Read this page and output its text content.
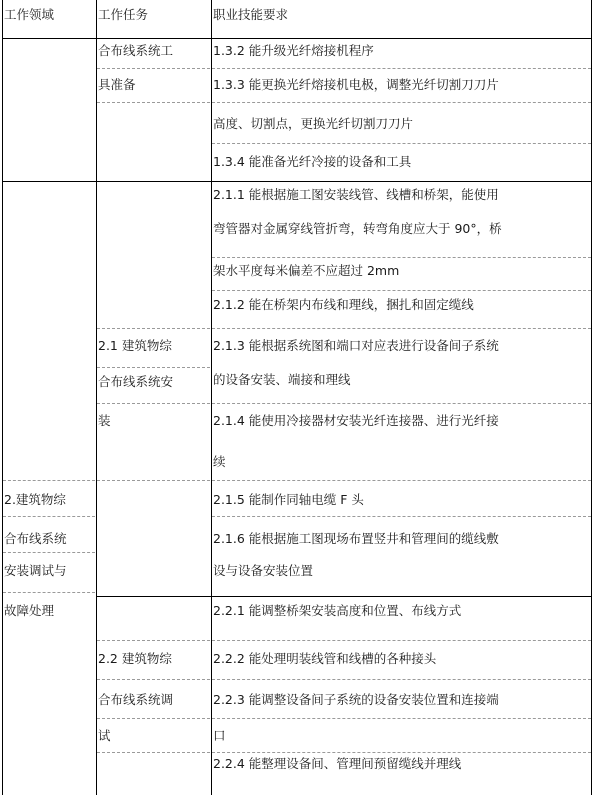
工作领域	工作任务	职业技能要求
2.建筑物综
合布线系统
安装调试与
故障处理
合布线系统工
具准备
2.1 建筑物综
合布线系统安
装
2.2 建筑物综
合布线系统调
试
1.3.2 能升级光纤熔接机程序
1.3.3 能更换光纤熔接机电极，调整光纤切割刀刀片
高度、切割点，更换光纤切割刀刀片
1.3.4 能准备光纤冷接的设备和工具
2.1.1 能根据施工图安装线管、线槽和桥架，能使用
弯管器对金属穿线管折弯，转弯角度应大于 90°，桥
架水平度每米偏差不应超过 2mm
2.1.2 能在桥架内布线和理线，捆扎和固定缆线
2.1.3 能根据系统图和端口对应表进行设备间子系统
的设备安装、端接和理线
2.1.4 能使用冷接器材安装光纤连接器、进行光纤接
续
2.1.5 能制作同轴电缆 F 头
2.1.6 能根据施工图现场布置竖井和管理间的缆线敷
设与设备安装位置
2.2.1 能调整桥架安装高度和位置、布线方式
2.2.2 能处理明装线管和线槽的各种接头
2.2.3 能调整设备间子系统的设备安装位置和连接端
口
2.2.4 能整理设备间、管理间预留缆线并理线
